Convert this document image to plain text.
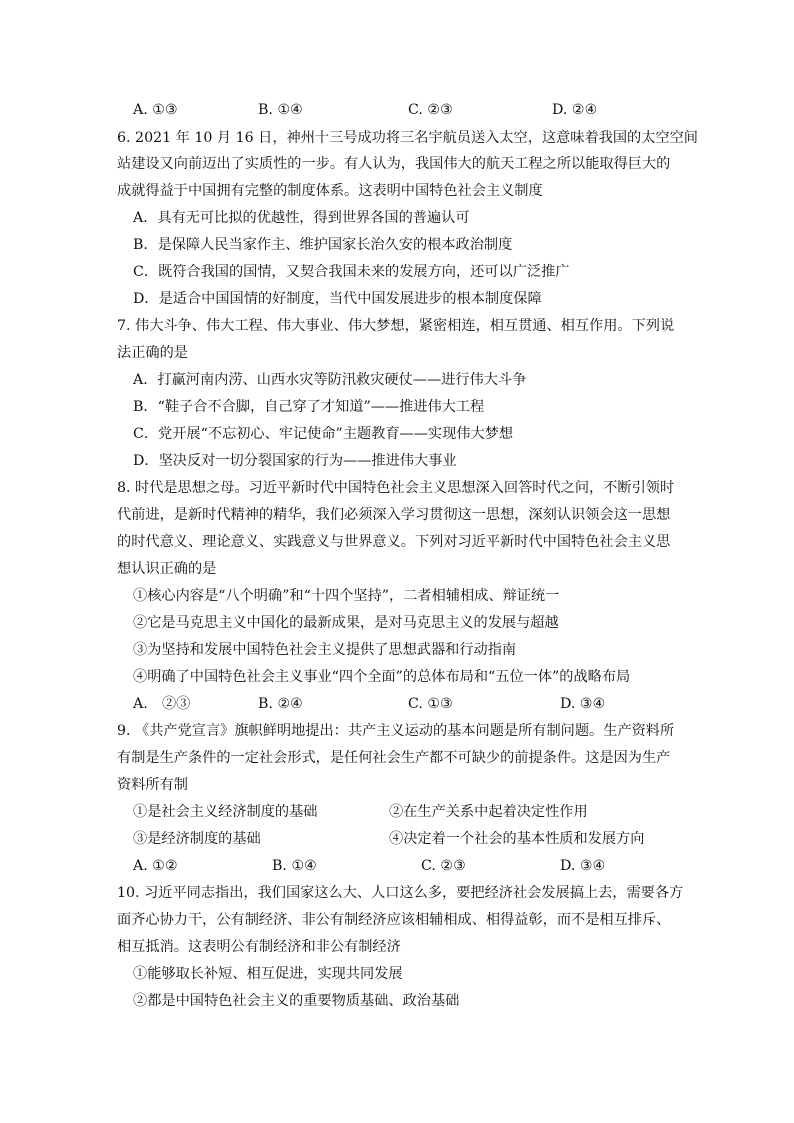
A. ①③	B. ①④	C. ②③	D. ②④
6. 2021 年 10 月 16 日，神州十三号成功将三名宇航员送入太空，这意味着我国的太空空间
站建设又向前迈出了实质性的一步。有人认为，我国伟大的航天工程之所以能取得巨大的
成就得益于中国拥有完整的制度体系。这表明中国特色社会主义制度
A．具有无可比拟的优越性，得到世界各国的普遍认可
B．是保障人民当家作主、维护国家长治久安的根本政治制度
C．既符合我国的国情，又契合我国未来的发展方向，还可以广泛推广
D．是适合中国国情的好制度，当代中国发展进步的根本制度保障
7. 伟大斗争、伟大工程、伟大事业、伟大梦想，紧密相连，相互贯通、相互作用。下列说
法正确的是
A．打赢河南内涝、山西水灾等防汛救灾硬仗——进行伟大斗争
B．“鞋子合不合脚，自己穿了才知道”——推进伟大工程
C．党开展“不忘初心、牢记使命”主题教育——实现伟大梦想
D．坚决反对一切分裂国家的行为——推进伟大事业
8. 时代是思想之母。习近平新时代中国特色社会主义思想深入回答时代之问，不断引领时
代前进，是新时代精神的精华，我们必须深入学习贯彻这一思想，深刻认识领会这一思想
的时代意义、理论意义、实践意义与世界意义。下列对习近平新时代中国特色社会主义思
想认识正确的是
①核心内容是“八个明确”和“十四个坚持”，二者相辅相成、辩证统一
②它是马克思主义中国化的最新成果，是对马克思主义的发展与超越
③为坚持和发展中国特色社会主义提供了思想武器和行动指南
④明确了中国特色社会主义事业“四个全面”的总体布局和“五位一体”的战略布局
A.　②③	B. ②④	C. ①③	D. ③④
9. 《共产党宣言》旗帜鲜明地提出：共产主义运动的基本问题是所有制问题。生产资料所
有制是生产条件的一定社会形式，是任何社会生产都不可缺少的前提条件。这是因为生产
资料所有制
①是社会主义经济制度的基础	②在生产关系中起着决定性作用
③是经济制度的基础	④决定着一个社会的基本性质和发展方向
A. ①②	B. ①④	C. ②③	D. ③④
10. 习近平同志指出，我们国家这么大、人口这么多，要把经济社会发展搞上去，需要各方
面齐心协力干，公有制经济、非公有制经济应该相辅相成、相得益彰，而不是相互排斥、
相互抵消。这表明公有制经济和非公有制经济
①能够取长补短、相互促进，实现共同发展
②都是中国特色社会主义的重要物质基础、政治基础
